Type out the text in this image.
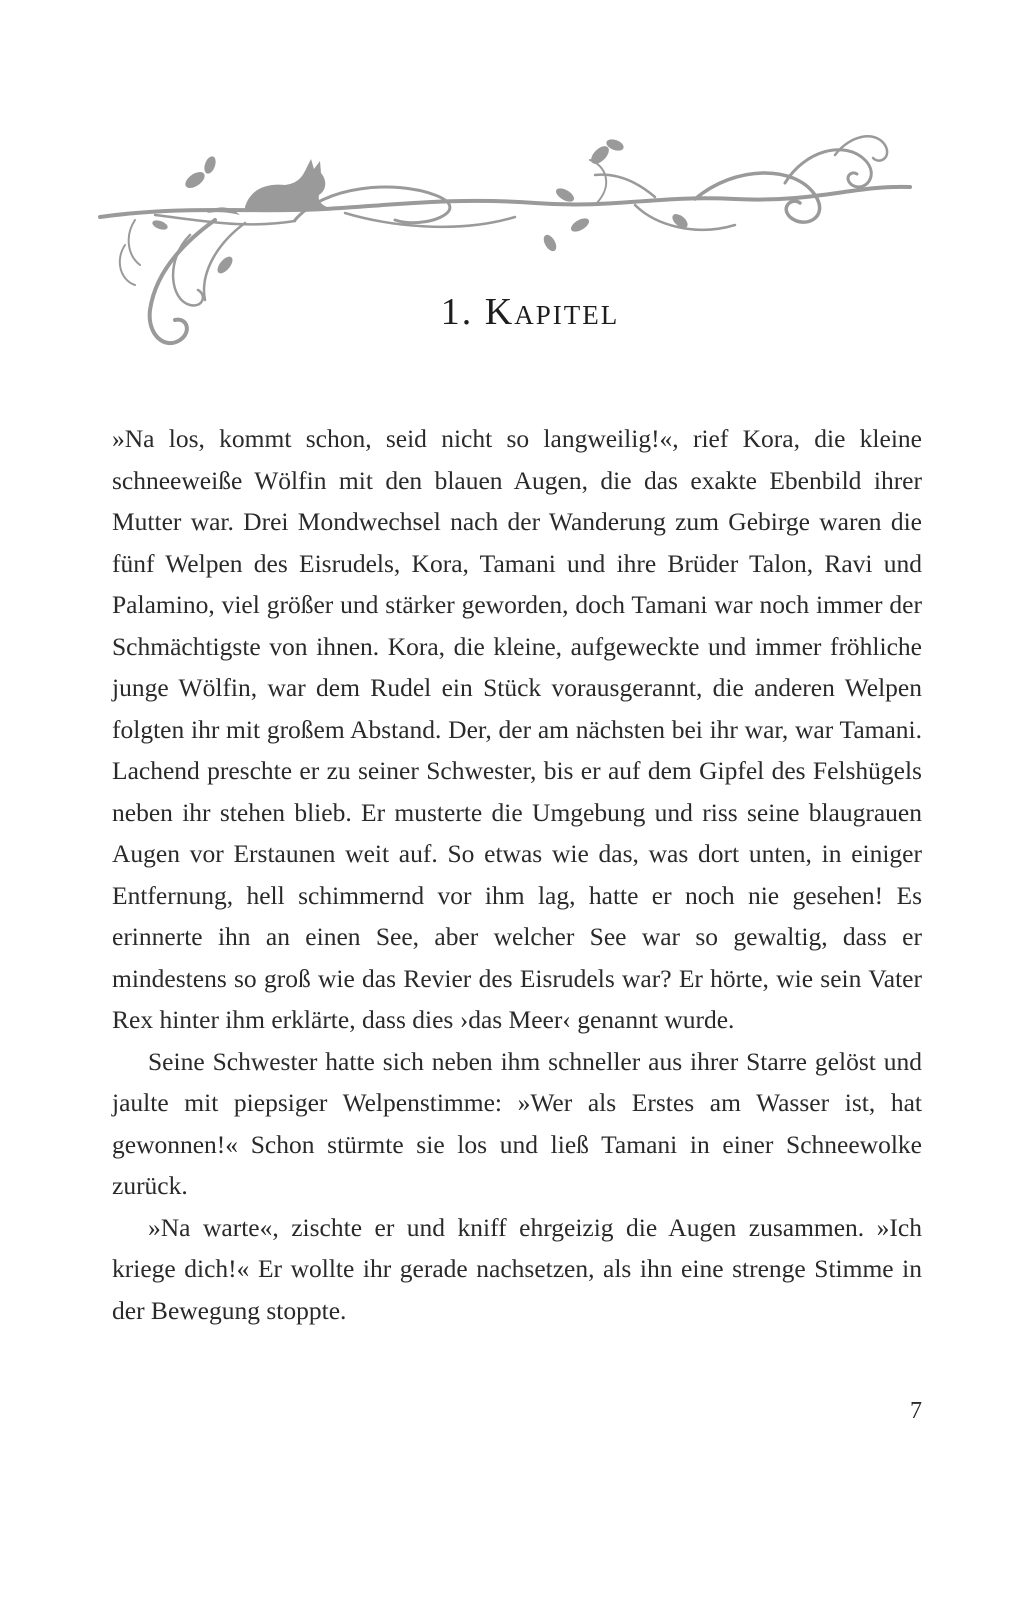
1. Kapitel

»Na los, kommt schon, seid nicht so langweilig!«, rief Kora, die kleine schneeweiße Wölfin mit den blauen Augen, die das exakte Ebenbild ihrer Mutter war. Drei Mondwechsel nach der Wanderung zum Gebirge waren die fünf Welpen des Eisrudels, Kora, Tamani und ihre Brüder Talon, Ravi und Palamino, viel größer und stärker geworden, doch Tamani war noch immer der Schmächtigste von ihnen. Kora, die kleine, aufgeweckte und immer fröhliche junge Wölfin, war dem Rudel ein Stück vorausgerannt, die anderen Welpen folgten ihr mit großem Abstand. Der, der am nächsten bei ihr war, war Tamani. Lachend preschte er zu seiner Schwester, bis er auf dem Gipfel des Felshügels neben ihr stehen blieb. Er musterte die Umgebung und riss seine blaugrauen Augen vor Erstaunen weit auf. So etwas wie das, was dort unten, in einiger Entfernung, hell schimmernd vor ihm lag, hatte er noch nie gesehen! Es erinnerte ihn an einen See, aber welcher See war so gewaltig, dass er mindestens so groß wie das Revier des Eisrudels war? Er hörte, wie sein Vater Rex hinter ihm erklärte, dass dies ›das Meer‹ genannt wurde.

Seine Schwester hatte sich neben ihm schneller aus ihrer Starre gelöst und jaulte mit piepsiger Welpenstimme: »Wer als Erstes am Wasser ist, hat gewonnen!« Schon stürmte sie los und ließ Tamani in einer Schneewolke zurück.

»Na warte«, zischte er und kniff ehrgeizig die Augen zusammen. »Ich kriege dich!« Er wollte ihr gerade nachsetzen, als ihn eine strenge Stimme in der Bewegung stoppte.

7
